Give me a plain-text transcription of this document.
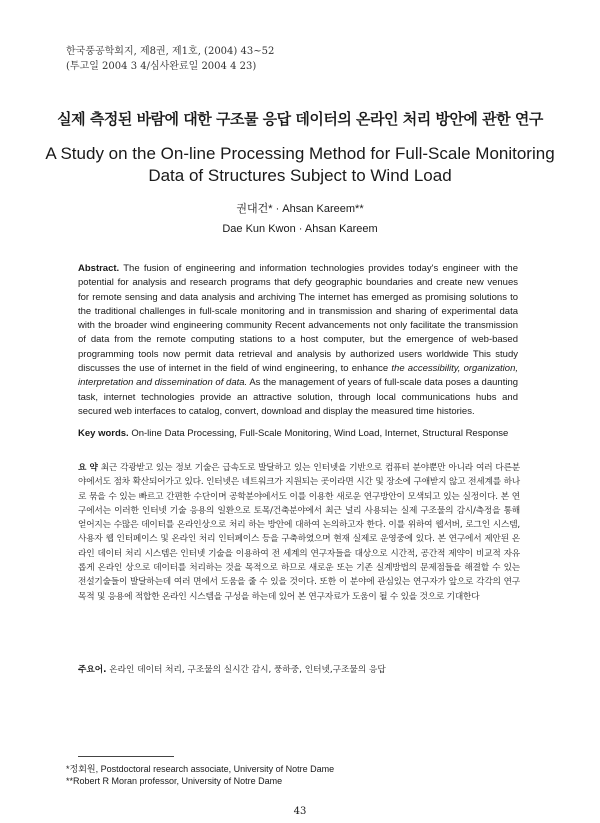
한국풍공학회지, 제8권, 제1호, (2004) 43~52
(투고일 2004 3 4/심사완료일 2004 4 23)
실제 측정된 바람에 대한 구조물 응답 데이터의 온라인 처리 방안에 관한 연구
A Study on the On-line Processing Method for Full-Scale Monitoring
Data of Structures Subject to Wind Load
권대건* · Ahsan Kareem**
Dae Kun Kwon · Ahsan Kareem
Abstract. The fusion of engineering and information technologies provides today's engineer with the potential for analysis and research programs that defy geographic boundaries and create new venues for remote sensing and data analysis and archiving The internet has emerged as promising solutions to the traditional challenges in full-scale monitoring and in transmission and sharing of experimental data with the broader wind engineering community Recent advancements not only facilitate the transmission of data from the remote computing stations to a host computer, but the emergence of web-based programming tools now permit data retrieval and analysis by authorized users worldwide This study discusses the use of internet in the field of wind engineering, to enhance the accessibility, organization, interpretation and dissemination of data. As the management of years of full-scale data poses a daunting task, internet technologies provide an attractive solution, through local communications hubs and secured web interfaces to catalog, convert, download and display the measured time histories.
Key words. On-line Data Processing, Full-Scale Monitoring, Wind Load, Internet, Structural Response
요 약 최근 각광받고 있는 정보 기술은 급속도로 발달하고 있는 인터넷을 기반으로 컴퓨터 분야뿐만 아니라 여러 다른분야에서도 점차 확산되어가고 있다. 인터넷은 네트워크가 지원되는 곳이라면 시간 및 장소에 구애받지 않고 전세계를 하나로 묶을 수 있는 빠르고 간편한 수단이며 공학분야에서도 이를 이용한 새로운 연구방안이 모색되고 있는 실정이다. 본 연구에서는 이러한 인터넷 기술 응용의 일환으로 토목/건축분야에서 최근 널리 사용되는 실제 구조물의 감시/측정을 통해 얻어지는 수많은 데이터를 온라인상으로 처리 하는 방안에 대하여 논의하고자 한다. 이를 위하여 웹서버, 로그인 시스템, 사용자 웹 인터페이스 및 온라인 처리 인터페이스 등을 구축하였으며 현재 실제로 운영중에 있다. 본 연구에서 제안된 온라인 데이터 처리 시스템은 인터넷 기술을 이용하여 전 세계의 연구자들을 대상으로 시간적, 공간적 제약이 비교적 자유롭게 온라인 상으로 데이터를 처리하는 것을 목적으로 하므로 새로운 또는 기존 실계방법의 문제점들을 해결할 수 있는 전설기술들이 발달하는데 여러 면에서 도움을 줄 수 있을 것이다. 또한 이 분야에 관심있는 연구자가 앞으로 각각의 연구목적 및 응용에 적합한 온라인 시스템을 구성을 하는데 있어 본 연구자료가 도움이 될 수 있을 것으로 기대한다
주요어. 온라인 데이터 처리, 구조물의 실시간 감시, 풍하중, 인터넷,구조물의 응답
*정회원, Postdoctoral research associate, University of Notre Dame
**Robert R Moran professor, University of Notre Dame
43
